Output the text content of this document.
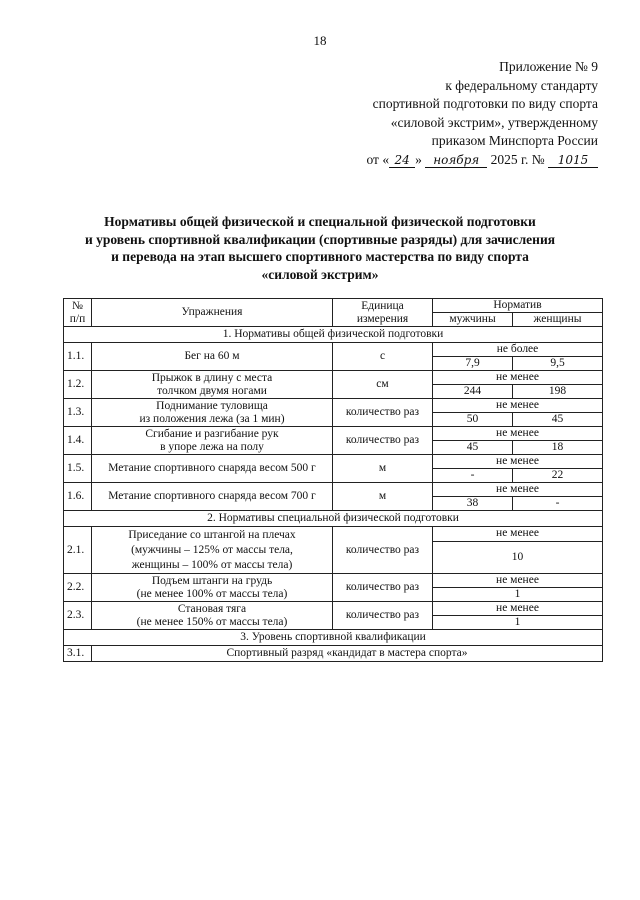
18
Приложение № 9
к федеральному стандарту
спортивной подготовки по виду спорта
«силовой экстрим», утвержденному
приказом Минспорта России
от « 24 » ноября 2025 г. № 1015
Нормативы общей физической и специальной физической подготовки
и уровень спортивной квалификации (спортивные разряды) для зачисления
и перевода на этап высшего спортивного мастерства по виду спорта
«силовой экстрим»
№ п/п	Упражнения	Единица измерения	Норматив	
			мужчины	женщины
1. Нормативы общей физической подготовки				
1.1.	Бег на 60 м	с	не более	
			7,9	9,5
1.2.	Прыжок в длину с места
толчком двумя ногами	см	не менее	
			244	198
1.3.	Поднимание туловища
из положения лежа (за 1 мин)	количество раз	не менее	
			50	45
1.4.	Сгибание и разгибание рук
в упоре лежа на полу	количество раз	не менее	
			45	18
1.5.	Метание спортивного снаряда весом 500 г	м	не менее	
			-	22
1.6.	Метание спортивного снаряда весом 700 г	м	не менее	
			38	-
2. Нормативы специальной физической подготовки				
2.1.	Приседание со штангой на плечах
(мужчины – 125% от массы тела,
женщины – 100% от массы тела)	количество раз	не менее	
			10	
2.2.	Подъем штанги на грудь
(не менее 100% от массы тела)	количество раз	не менее	
			1	
2.3.	Становая тяга
(не менее 150% от массы тела)	количество раз	не менее	
			1	
3. Уровень спортивной квалификации				
3.1.	Спортивный разряд «кандидат в мастера спорта»			
